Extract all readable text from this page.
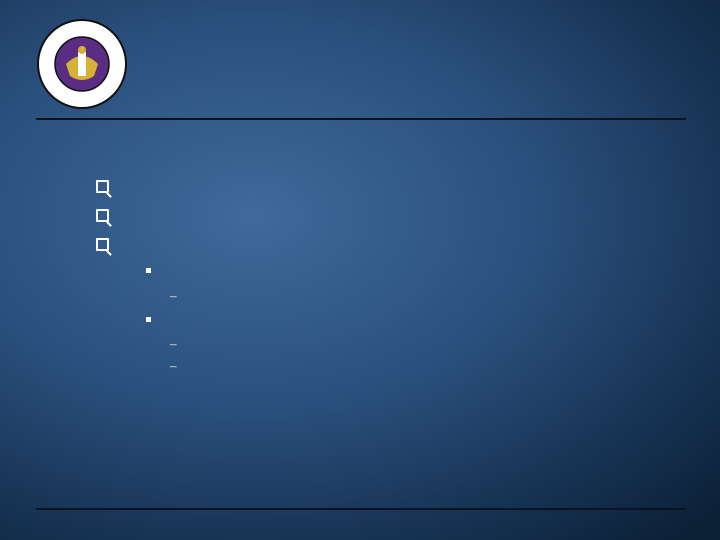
–
–
–
